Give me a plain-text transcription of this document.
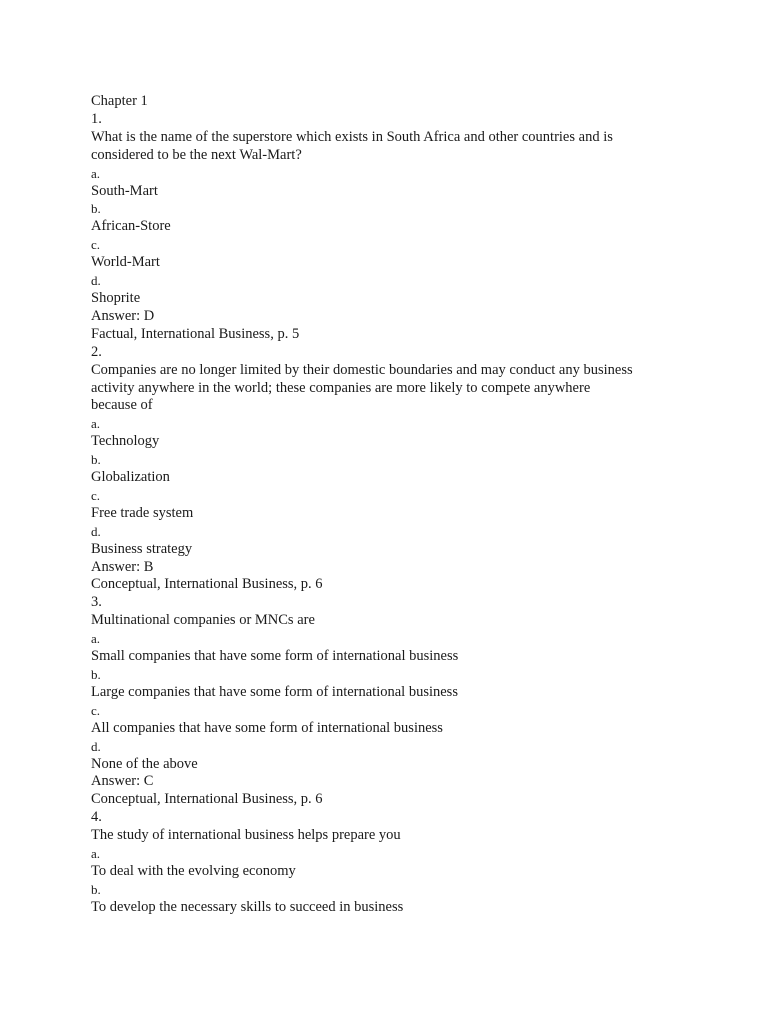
Chapter 1
1.
What is the name of the superstore which exists in South Africa and other countries and is
considered to be the next Wal-Mart?
a.
South-Mart
b.
African-Store
c.
World-Mart
d.
Shoprite
Answer: D
Factual, International Business, p. 5
2.
Companies are no longer limited by their domestic boundaries and may conduct any business
activity anywhere in the world; these companies are more likely to compete anywhere
because of
a.
Technology
b.
Globalization
c.
Free trade system
d.
Business strategy
Answer: B
Conceptual, International Business, p. 6
3.
Multinational companies or MNCs are
a.
Small companies that have some form of international business
b.
Large companies that have some form of international business
c.
All companies that have some form of international business
d.
None of the above
Answer: C
Conceptual, International Business, p. 6
4.
The study of international business helps prepare you
a.
To deal with the evolving economy
b.
To develop the necessary skills to succeed in business
